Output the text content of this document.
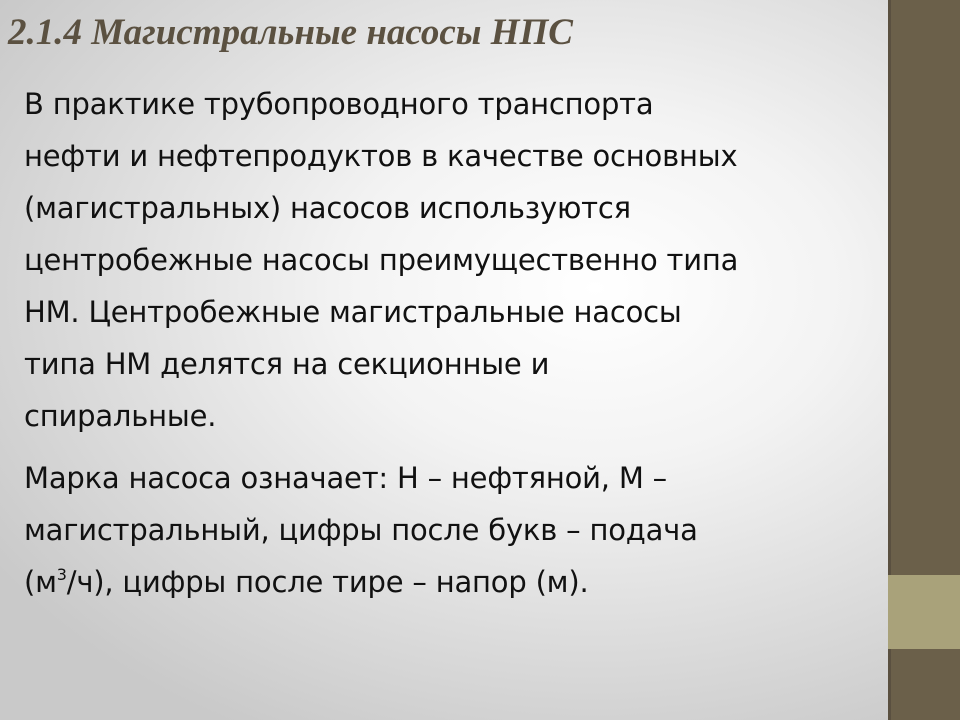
2.1.4 Магистральные насосы НПС

В практике трубопроводного транспорта
нефти и нефтепродуктов в качестве основных
(магистральных) насосов используются
центробежные насосы преимущественно типа
НМ. Центробежные магистральные насосы
типа НМ делятся на секционные и
спиральные.

Марка насоса означает: Н – нефтяной, М –
магистральный, цифры после букв – подача
$(м^3/ч)$, цифры после тире – напор (м).
